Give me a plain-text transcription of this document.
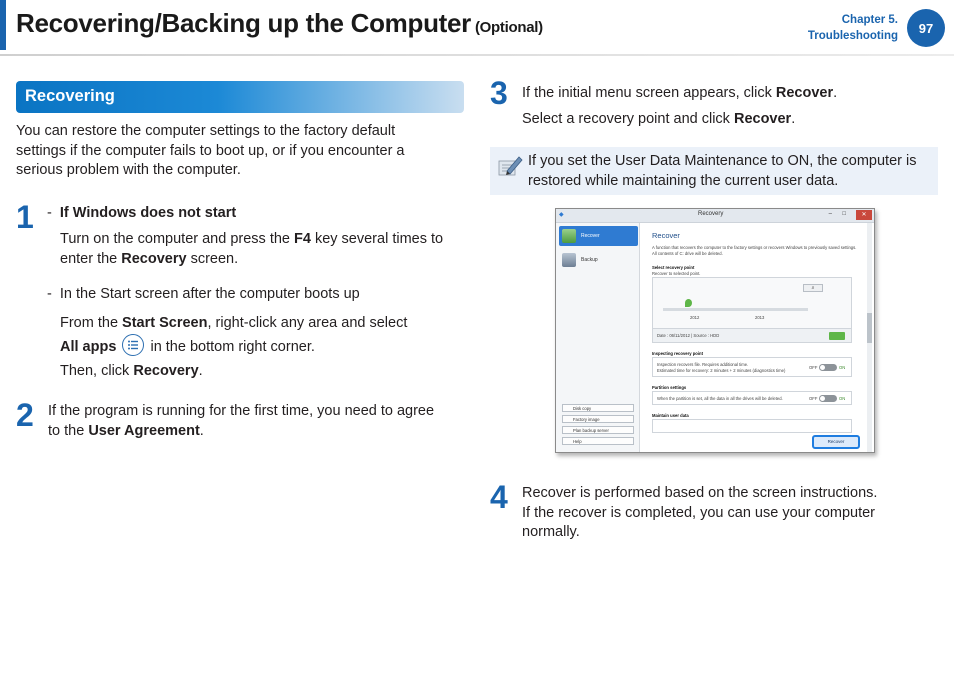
Recovering/Backing up the Computer (Optional)	Chapter 5.
Troubleshooting
97
Recovering
You can restore the computer settings to the factory default
settings if the computer fails to boot up, or if you encounter a
serious problem with the computer.
1 - If Windows does not start
Turn on the computer and press the F4 key several times to
enter the Recovery screen.
- In the Start screen after the computer boots up
From the Start Screen, right-click any area and select
All apps
in the bottom right corner.
Then, click Recovery.
2 If the program is running for the first time, you need to agree
to the User Agreement.
3 If the initial menu screen appears, click Recover.
Select a recovery point and click Recover.
If you set the User Data Maintenance to ON, the computer is
restored while maintaining the current user data.
◆	Recovery	– □	✕
Recover
Backup
Disk copy
Factory image
Plan backup server
Help
Recover
A function that recovers the computer to the factory settings or recovers Windows to previously saved settings.
All contents of C: drive will be deleted.
Select recovery point
Recover to selected point.
⌕
2012	2013
Date : 06/11/2012 | Source : HDD
Inspecting recovery point
Inspection recovers file. Requires additional time.
Estimated time for recovery: 2 minutes + 2 minutes (diagnostics time)
OFF	ON
Partition settings
When the partition is set, all the data in all the drives will be deleted.	OFF	ON
Maintain user data
Recover
4 Recover is performed based on the screen instructions.
If the recover is completed, you can use your computer
normally.
